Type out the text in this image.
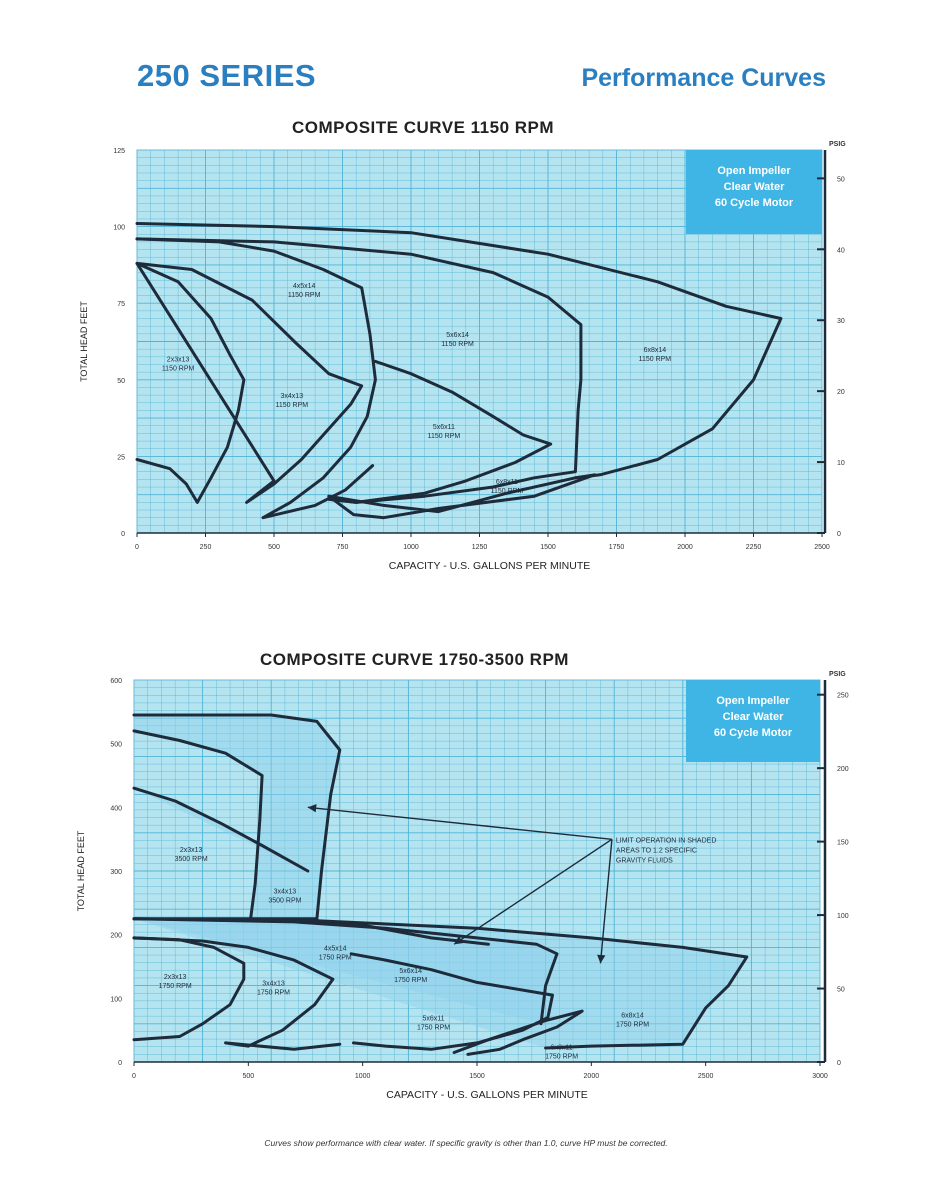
250 SERIES	Performance Curves
COMPOSITE CURVE 1150 RPM
COMPOSITE CURVE 1750-3500 RPM
Open Impeller
Clear Water
60 Cycle Motor
2x3x13
1150 RPM
3x4x13
1150 RPM
4x5x14
1150 RPM
5x6x14
1150 RPM
5x6x11
1150 RPM
6x8x11
1150 RPM
6x8x14
1150 RPM
0	250	500	750	1000	1250	1500	1750	2000	2250	2500
CAPACITY - U.S. GALLONS PER MINUTE
0
25
50
75
100
125
TOTAL HEAD FEET
0
10
20
30
40
50
PSIG
Open Impeller
Clear Water
60 Cycle Motor
2x3x13
3500 RPM
3x4x13
3500 RPM
4x5x14
1750 RPM
5x6x14
1750 RPM
2x3x13
1750 RPM	3x4x13
1750 RPM
5x6x11
1750 RPM
6x8x11
1750 RPM
6x8x14
1750 RPM
LIMIT OPERATION IN SHADED
AREAS TO 1.2 SPECIFIC
GRAVITY FLUIDS
0	500	1000	1500	2000	2500	3000
CAPACITY - U.S. GALLONS PER MINUTE
0
100
200
300
400
500
600
TOTAL HEAD FEET
0
50
100
150
200
250
PSIG
Curves show performance with clear water. If specific gravity is other than 1.0, curve HP must be corrected.
